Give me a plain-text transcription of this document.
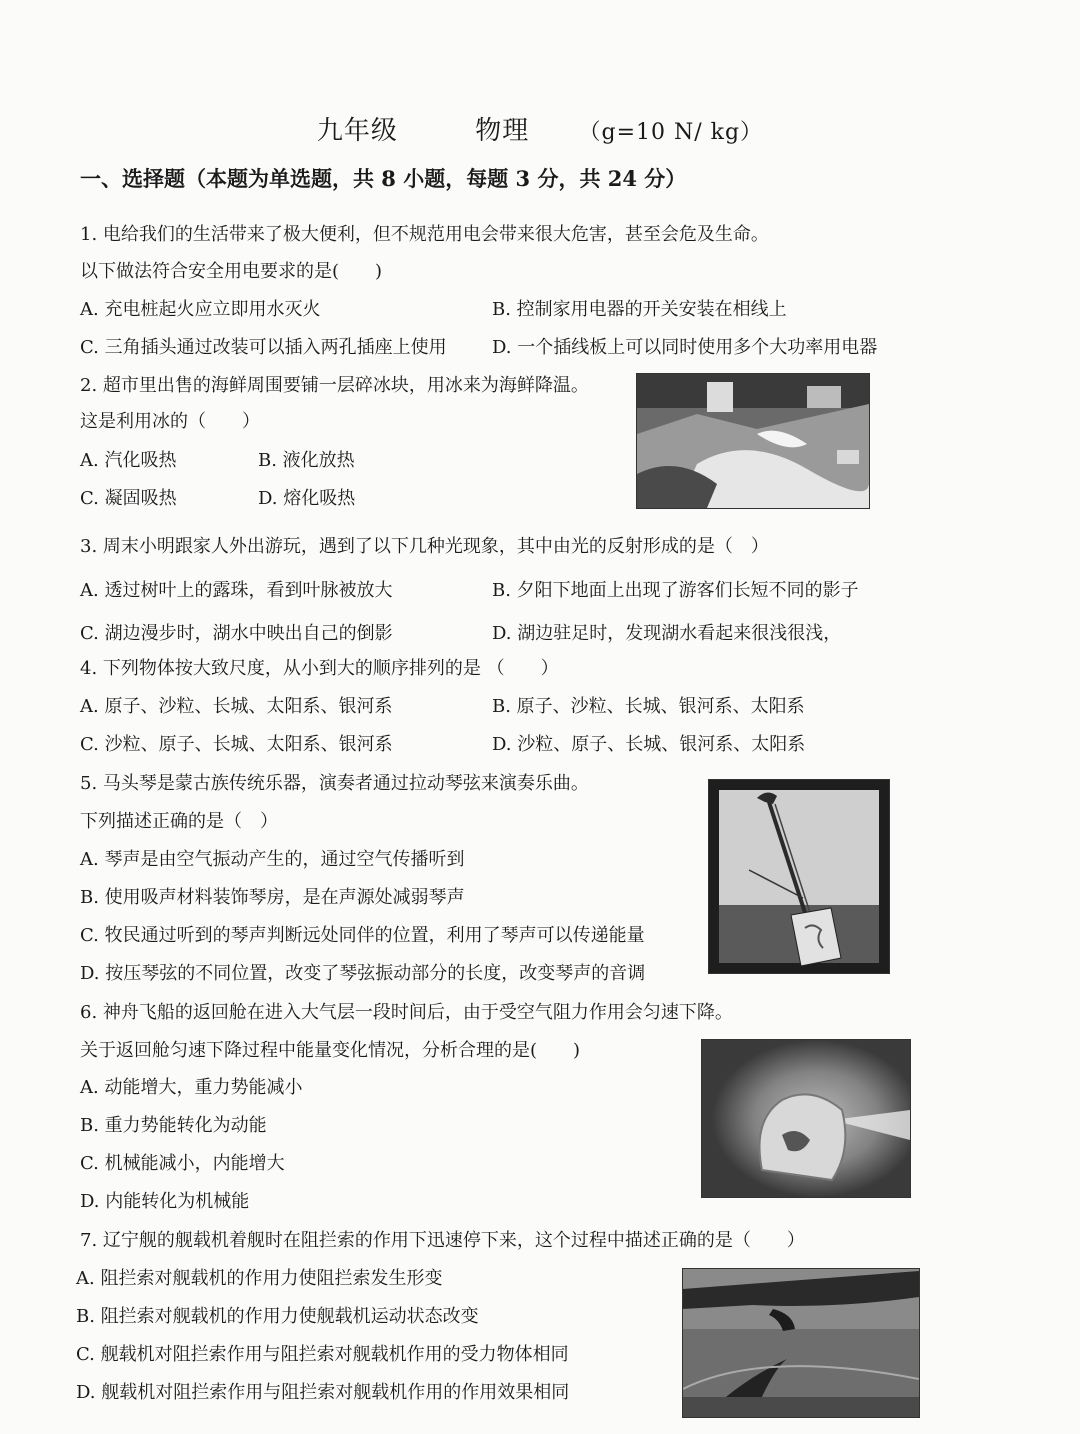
九年级	物理 （g=10 N/ kg）
一、选择题（本题为单选题，共 8 小题，每题 3 分，共 24 分）
1. 电给我们的生活带来了极大便利，但不规范用电会带来很大危害，甚至会危及生命。
以下做法符合安全用电要求的是(　　)
A. 充电桩起火应立即用水灭火	B. 控制家用电器的开关安装在相线上
C. 三角插头通过改装可以插入两孔插座上使用	D. 一个插线板上可以同时使用多个大功率用电器
2. 超市里出售的海鲜周围要铺一层碎冰块，用冰来为海鲜降温。
这是利用冰的（　　）
A. 汽化吸热	B. 液化放热
C. 凝固吸热	D. 熔化吸热
3. 周末小明跟家人外出游玩，遇到了以下几种光现象，其中由光的反射形成的是（　）
A. 透过树叶上的露珠，看到叶脉被放大	B. 夕阳下地面上出现了游客们长短不同的影子
C. 湖边漫步时，湖水中映出自己的倒影	D. 湖边驻足时，发现湖水看起来很浅很浅，
4. 下列物体按大致尺度，从小到大的顺序排列的是 （　　）
A. 原子、沙粒、长城、太阳系、银河系	B. 原子、沙粒、长城、银河系、太阳系
C. 沙粒、原子、长城、太阳系、银河系	D. 沙粒、原子、长城、银河系、太阳系
5. 马头琴是蒙古族传统乐器，演奏者通过拉动琴弦来演奏乐曲。
下列描述正确的是（　）
A. 琴声是由空气振动产生的，通过空气传播听到
B. 使用吸声材料装饰琴房，是在声源处减弱琴声
C. 牧民通过听到的琴声判断远处同伴的位置，利用了琴声可以传递能量
D. 按压琴弦的不同位置，改变了琴弦振动部分的长度，改变琴声的音调
6. 神舟飞船的返回舱在进入大气层一段时间后，由于受空气阻力作用会匀速下降。
关于返回舱匀速下降过程中能量变化情况，分析合理的是(　　)
A. 动能增大，重力势能减小
B. 重力势能转化为动能
C. 机械能减小，内能增大
D. 内能转化为机械能
7. 辽宁舰的舰载机着舰时在阻拦索的作用下迅速停下来，这个过程中描述正确的是（　　）
A. 阻拦索对舰载机的作用力使阻拦索发生形变
B. 阻拦索对舰载机的作用力使舰载机运动状态改变
C. 舰载机对阻拦索作用与阻拦索对舰载机作用的受力物体相同
D. 舰载机对阻拦索作用与阻拦索对舰载机作用的作用效果相同
